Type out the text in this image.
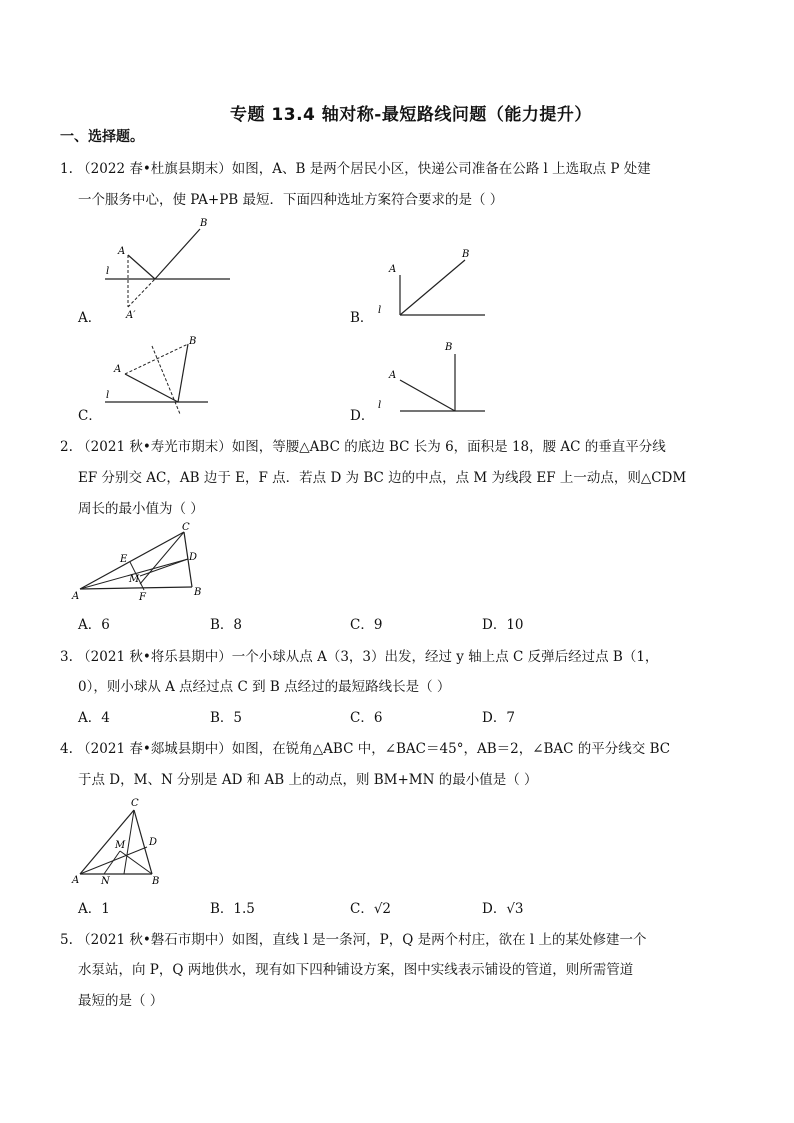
专题 13.4 轴对称-最短路线问题（能力提升）
一、选择题。
1. （2022 春•杜旗县期末）如图，A、B 是两个居民小区，快递公司准备在公路 l 上选取点 P 处建
一个服务中心，使 PA+PB 最短．下面四种选址方案符合要求的是（ ）
A
B
l
A′
A．
A
B
l
B．
A
B
l
C．
A
B
l
D．
2. （2021 秋•寿光市期末）如图，等腰△ABC 的底边 BC 长为 6，面积是 18，腰 AC 的垂直平分线
EF 分别交 AC，AB 边于 E，F 点．若点 D 为 BC 边的中点，点 M 为线段 EF 上一动点，则△CDM
周长的最小值为（ ）
C
E	D
M
A	F	B
A．6	B．8	C．9	D．10
3. （2021 秋•将乐县期中）一个小球从点 A（3，3）出发，经过 y 轴上点 C 反弹后经过点 B（1，
0），则小球从 A 点经过点 C 到 B 点经过的最短路线长是（ ）
A．4	B．5	C．6	D．7
4. （2021 春•郯城县期中）如图，在锐角△ABC 中，∠BAC＝45°，AB＝2，∠BAC 的平分线交 BC
于点 D，M、N 分别是 AD 和 AB 上的动点，则 BM+MN 的最小值是（ ）
C
D
M
A N	B
A．1	B．1.5	C．√2	D．√3
5. （2021 秋•磐石市期中）如图，直线 l 是一条河，P，Q 是两个村庄，欲在 l 上的某处修建一个
水泵站，向 P，Q 两地供水，现有如下四种铺设方案，图中实线表示铺设的管道，则所需管道
最短的是（ ）
